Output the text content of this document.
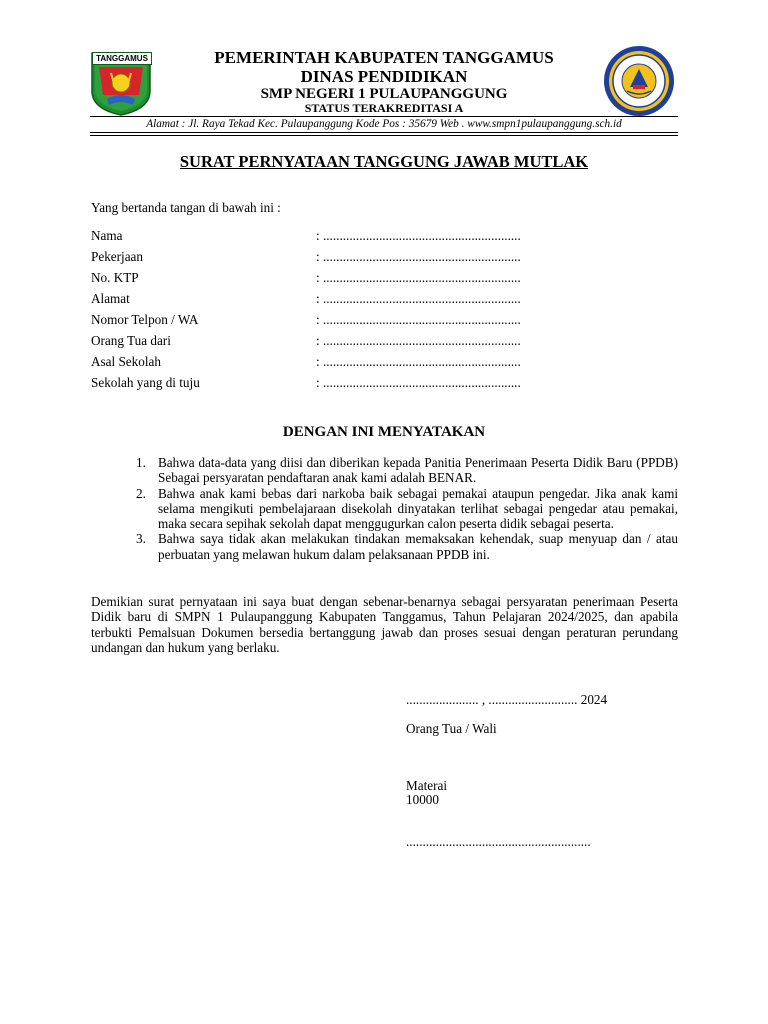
TANGGAMUS	PEMERINTAH KABUPATEN TANGGAMUS
DINAS PENDIDIKAN
SMP NEGERI 1 PULAUPANGGUNG
STATUS TERAKREDITASI A
Alamat : Jl. Raya Tekad Kec. Pulaupanggung Kode Pos : 35679 Web . www.smpn1pulaupanggung.sch.id
SURAT PERNYATAAN TANGGUNG JAWAB MUTLAK
Yang bertanda tangan di bawah ini :
Nama	: ............................................................
Pekerjaan	: ............................................................
No. KTP	: ............................................................
Alamat	: ............................................................
Nomor Telpon / WA	: ............................................................
Orang Tua dari	: ............................................................
Asal Sekolah	: ............................................................
Sekolah yang di tuju	: ............................................................
DENGAN INI MENYATAKAN
1. Bahwa data-data yang diisi dan diberikan kepada Panitia Penerimaan Peserta Didik Baru (PPDB) Sebagai persyaratan pendaftaran anak kami adalah BENAR.
2. Bahwa anak kami bebas dari narkoba baik sebagai pemakai ataupun pengedar. Jika anak kami selama mengikuti pembelajaraan disekolah dinyatakan terlihat sebagai pengedar atau pemakai, maka secara sepihak sekolah dapat menggugurkan calon peserta didik sebagai peserta.
3. Bahwa saya tidak akan melakukan tindakan memaksakan kehendak, suap menyuap dan / atau perbuatan yang melawan hukum dalam pelaksanaan PPDB ini.
Demikian surat pernyataan ini saya buat dengan sebenar-benarnya sebagai persyaratan penerimaan Peserta Didik baru di SMPN 1 Pulaupanggung Kabupaten Tanggamus, Tahun Pelajaran 2024/2025, dan apabila terbukti Pemalsuan Dokumen bersedia bertanggung jawab dan proses sesuai dengan peraturan perundang undangan dan hukum yang berlaku.
...................... , ........................... 2024
Orang Tua / Wali
Materai
10000
........................................................
